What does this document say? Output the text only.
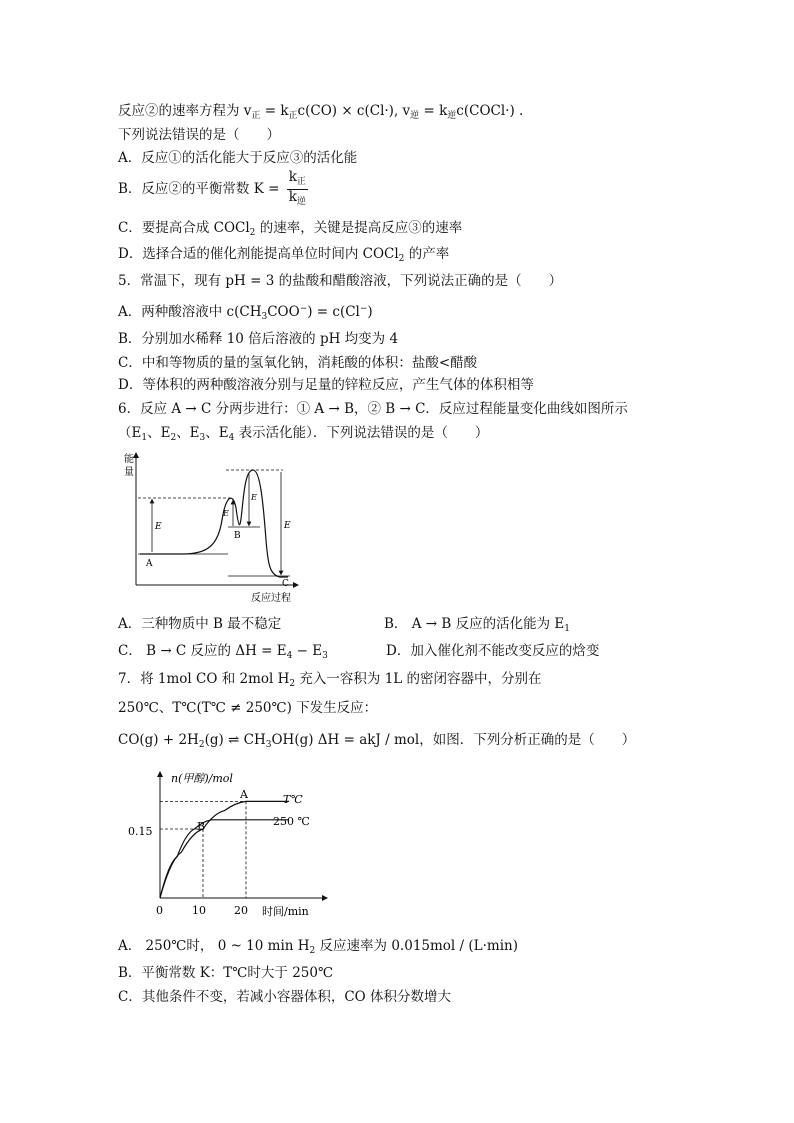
反应②的速率方程为 $v_正 = k_正c(CO) \times c(Cl\cdot)$, $v_逆$ = $k_逆c(COCl\cdot)$ .
下列说法错误的是（　　）
A．反应①的活化能大于反应③的活化能
B．反应②的平衡常数 $K = \frac{k_正}{k_逆}$
C．要提高合成 COCl$_2$ 的速率，关键是提高反应③的速率
D．选择合适的催化剂能提高单位时间内 COCl$_2$ 的产率
5．常温下，现有 pH = 3 的盐酸和醋酸溶液，下列说法正确的是（　　）
A．两种酸溶液中 $c(CH_3COO^-) = c(Cl^-)$
B．分别加水稀释 10 倍后溶液的 pH 均变为 4
C．中和等物质的量的氢氧化钠，消耗酸的体积：盐酸<醋酸
D．等体积的两种酸溶液分别与足量的锌粒反应，产生气体的体积相等
6．反应 A → C 分两步进行：① A → B，② B → C．反应过程能量变化曲线如图所示
（$E_1$、$E_2$、$E_3$、$E_4$ 表示活化能）．下列说法错误的是（　　）
能
量
反应过程
E
E
E
E
A
B
C
A．三种物质中 B 最不稳定	B． A → B 反应的活化能为 $E_1$
C． B → C 反应的 $\Delta H = E_4 - E_3$	D．加入催化剂不能改变反应的焓变
7．将 1mol CO 和 2mol $H_2$ 充入一容积为 1L 的密闭容器中，分别在
250℃、T℃(T℃ ≠ 250℃) 下发生反应：
$CO(g) + 2H_2(g)$ ⇌ $CH_3OH(g) \Delta H$ = akJ / mol，如图．下列分析正确的是（　　）
n(甲醇)/mol
时间/min
0	10	20
0.15
T℃
250 ℃
A
B
A． 250℃时， 0 ~ 10 $\min H_2$ 反应速率为 0.015mol / (L·min)
B．平衡常数 K：T℃时大于 250℃
C．其他条件不变，若减小容器体积，CO 体积分数增大
